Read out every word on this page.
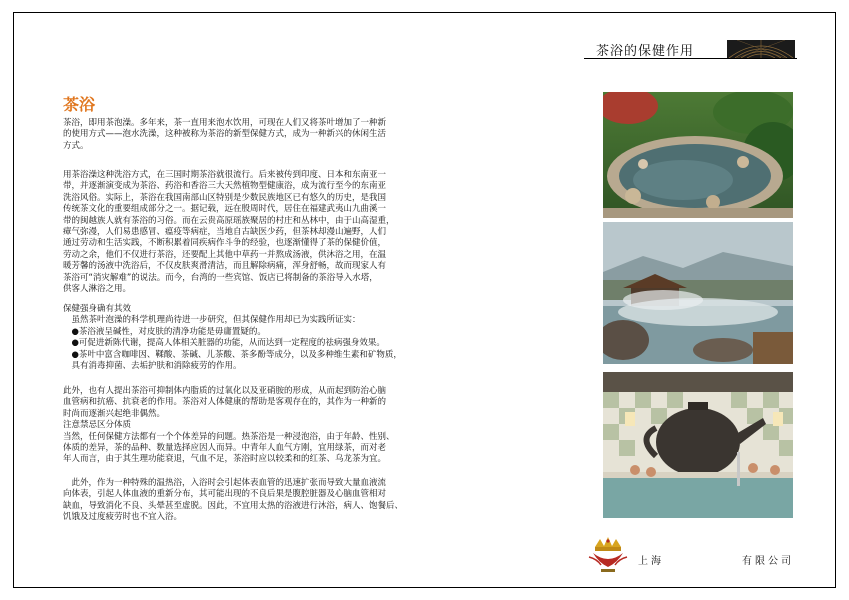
茶浴的保健作用
茶浴
茶浴，即用茶泡澡。多年来，茶一直用来泡水饮用，可现在人们又将茶叶增加了一种新
的使用方式——泡水洗澡，这种被称为茶浴的新型保健方式，成为一种新兴的休闲生活
方式。
用茶浴澡这种洗浴方式，在三国时期茶浴就很流行。后来被传到印度、日本和东南亚一
带，并逐渐演变成为茶浴、药浴和香浴三大天然植物型健康浴，成为流行至今的东南亚
洗浴风俗。实际上，茶浴在我国南部山区特别是少数民族地区已有悠久的历史，是我国
传统茶文化的重要组成部分之一。据记载，远在殷周时代，居住在福建武夷山九曲溪一
带的闽越族人就有茶浴的习俗。而在云贵高原瑶族聚居的村庄和丛林中，由于山高湿重，
瘴气弥漫，人们易患感冒、瘟疫等病症，当地自古缺医少药，但茶林却漫山遍野，人们
通过劳动和生活实践，不断积累着同疾病作斗争的经验，也逐渐懂得了茶的保健价值，
劳动之余，他们不仅进行茶浴，还要配上其他中草药一并熬成汤液，供沐浴之用，在温
暖芳馨的汤液中洗浴后，不仅皮肤爽滑清洁，而且解除病痛，浑身舒畅，故而现家人有
茶浴可“消灾解难”的说法。而今，台湾的一些宾馆、饭店已将制备的茶浴导入水塔，
供客人淋浴之用。
保健强身确有其效
　虽然茶叶泡澡的科学机理尚待进一步研究，但其保健作用却已为实践所证实：
　●茶浴液呈碱性，对皮肤的清净功能是毋庸置疑的。
　●可促进新陈代谢，提高人体相关脏器的功能，从而达到一定程度的祛病强身效果。
　●茶叶中富含咖啡因、鞣酸、茶碱、儿茶酸、茶多酚等成分，以及多种维生素和矿物质，
　具有消毒抑菌、去垢护肤和消除疲劳的作用。
此外，也有人提出茶浴可抑制体内脂质的过氧化以及亚硝胺的形成，从而起到防治心脑
血管病和抗癌、抗衰老的作用。茶浴对人体健康的帮助是客观存在的，其作为一种新的
时尚而逐渐兴起绝非偶然。
注意禁忌区分体质
当然，任何保健方法都有一个个体差异的问题。热茶浴是一种浸泡浴，由于年龄、性别、
体质的差异，茶的品种、数量选择应因人而异。中青年人血气方刚，宜用绿茶，而对老
年人而言，由于其生理功能衰退，气血不足，茶浴时应以较柔和的红茶、乌龙茶为宜。
　此外，作为一种特殊的温热浴，入浴时会引起体表血管的迅速扩张而导致大量血液流
向体表，引起人体血液的重新分布，其可能出现的不良后果是腹腔脏器及心脑血管相对
缺血，导致消化不良、头晕甚至虚脱。因此，不宜用太热的浴液进行沐浴，病人、饱餐后、
饥饿及过度疲劳时也不宜入浴。
上海	有限公司
